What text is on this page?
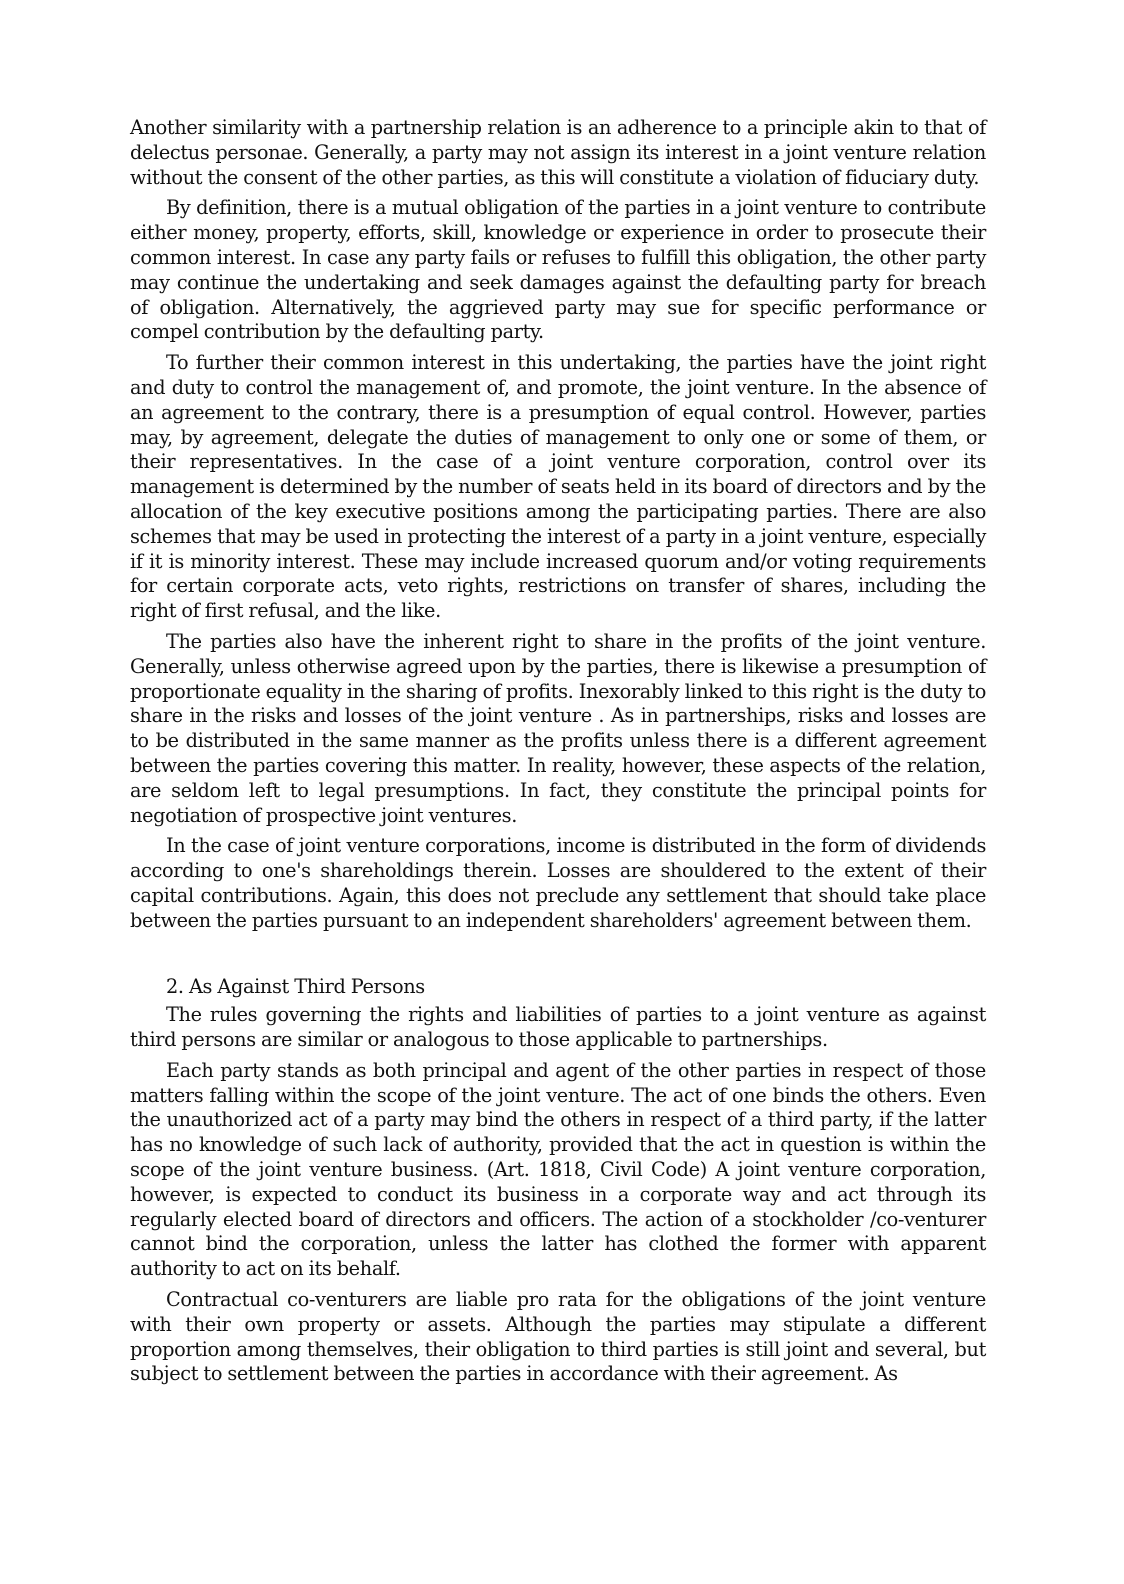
Another similarity with a partnership relation is an adherence to a principle akin to that of delectus personae. Generally, a party may not assign its interest in a joint venture relation without the consent of the other parties, as this will constitute a violation of fiduciary duty.

By definition, there is a mutual obligation of the parties in a joint venture to contribute either money, property, efforts, skill, knowledge or experience in order to prosecute their common interest. In case any party fails or refuses to fulfill this obligation, the other party may continue the undertaking and seek damages against the defaulting party for breach of obligation. Alternatively, the aggrieved party may sue for specific performance or compel contribution by the defaulting party.

To further their common interest in this undertaking, the parties have the joint right and duty to control the management of, and promote, the joint venture. In the absence of an agreement to the contrary, there is a presumption of equal control. However, parties may, by agreement, delegate the duties of management to only one or some of them, or their representatives. In the case of a joint venture corporation, control over its management is determined by the number of seats held in its board of directors and by the allocation of the key executive positions among the participating parties. There are also schemes that may be used in protecting the interest of a party in a joint venture, especially if it is minority interest. These may include increased quorum and/or voting requirements for certain corporate acts, veto rights, restrictions on transfer of shares, including the right of first refusal, and the like.

The parties also have the inherent right to share in the profits of the joint venture. Generally, unless otherwise agreed upon by the parties, there is likewise a presumption of proportionate equality in the sharing of profits. Inexorably linked to this right is the duty to share in the risks and losses of the joint venture . As in partnerships, risks and losses are to be distributed in the same manner as the profits unless there is a different agreement between the parties covering this matter. In reality, however, these aspects of the relation, are seldom left to legal presumptions. In fact, they constitute the principal points for negotiation of prospective joint ventures.

In the case of joint venture corporations, income is distributed in the form of dividends according to one's shareholdings therein. Losses are shouldered to the extent of their capital contributions. Again, this does not preclude any settlement that should take place between the parties pursuant to an independent shareholders' agreement between them.

2. As Against Third Persons

The rules governing the rights and liabilities of parties to a joint venture as against third persons are similar or analogous to those applicable to partnerships.

Each party stands as both principal and agent of the other parties in respect of those matters falling within the scope of the joint venture. The act of one binds the others. Even the unauthorized act of a party may bind the others in respect of a third party, if the latter has no knowledge of such lack of authority, provided that the act in question is within the scope of the joint venture business. (Art. 1818, Civil Code) A joint venture corporation, however, is expected to conduct its business in a corporate way and act through its regularly elected board of directors and officers. The action of a stockholder /co-venturer cannot bind the corporation, unless the latter has clothed the former with apparent authority to act on its behalf.

Contractual co-venturers are liable pro rata for the obligations of the joint venture with their own property or assets. Although the parties may stipulate a different proportion among themselves, their obligation to third parties is still joint and several, but subject to settlement between the parties in accordance with their agreement. As
